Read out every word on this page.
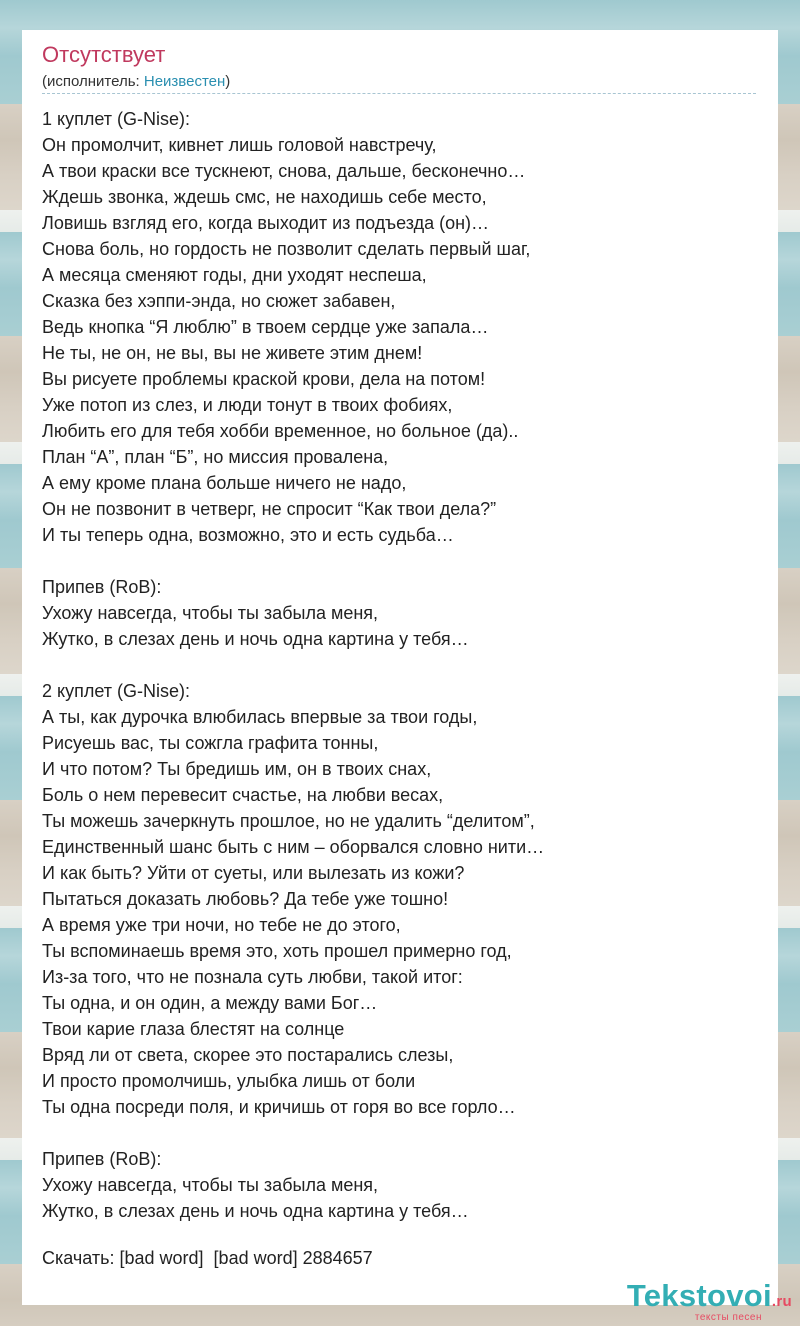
Отсутствует
(исполнитель: Неизвестен)
1 куплет (G-Nise):
Он промолчит, кивнет лишь головой навстречу,
А твои краски все тускнеют, снова, дальше, бесконечно…
Ждешь звонка, ждешь смс, не находишь себе место,
Ловишь взгляд его, когда выходит из подъезда (он)…
Снова боль, но гордость не позволит сделать первый шаг,
А месяца сменяют годы, дни уходят неспеша,
Сказка без хэппи-энда, но сюжет забавен,
Ведь кнопка “Я люблю” в твоем сердце уже запала…
Не ты, не он, не вы, вы не живете этим днем!
Вы рисуете проблемы краской крови, дела на потом!
Уже потоп из слез, и люди тонут в твоих фобиях,
Любить его для тебя хобби временное, но больное (да)..
План “А”, план “Б”, но миссия провалена,
А ему кроме плана больше ничего не надо,
Он не позвонит в четверг, не спросит “Как твои дела?”
И ты теперь одна, возможно, это и есть судьба…
Припев (RoB):
Ухожу навсегда, чтобы ты забыла меня,
Жутко, в слезах день и ночь одна картина у тебя…
2 куплет (G-Nise):
А ты, как дурочка влюбилась впервые за твои годы,
Рисуешь вас, ты сожгла графита тонны,
И что потом? Ты бредишь им, он в твоих снах,
Боль о нем перевесит счастье, на любви весах,
Ты можешь зачеркнуть прошлое, но не удалить “делитом”,
Единственный шанс быть с ним – оборвался словно нити…
И как быть? Уйти от суеты, или вылезать из кожи?
Пытаться доказать любовь? Да тебе уже тошно!
А время уже три ночи, но тебе не до этого,
Ты вспоминаешь время это, хоть прошел примерно год,
Из-за того, что не познала суть любви, такой итог:
Ты одна, и он один, а между вами Бог…
Твои карие глаза блестят на солнце
Вряд ли от света, скорее это постарались слезы,
И просто промолчишь, улыбка лишь от боли
Ты одна посреди поля, и кричишь от горя во все горло…
Припев (RoB):
Ухожу навсегда, чтобы ты забыла меня,
Жутко, в слезах день и ночь одна картина у тебя…
Скачать: [bad word]  [bad word] 2884657
Tekstovoi.ru
тексты песен
